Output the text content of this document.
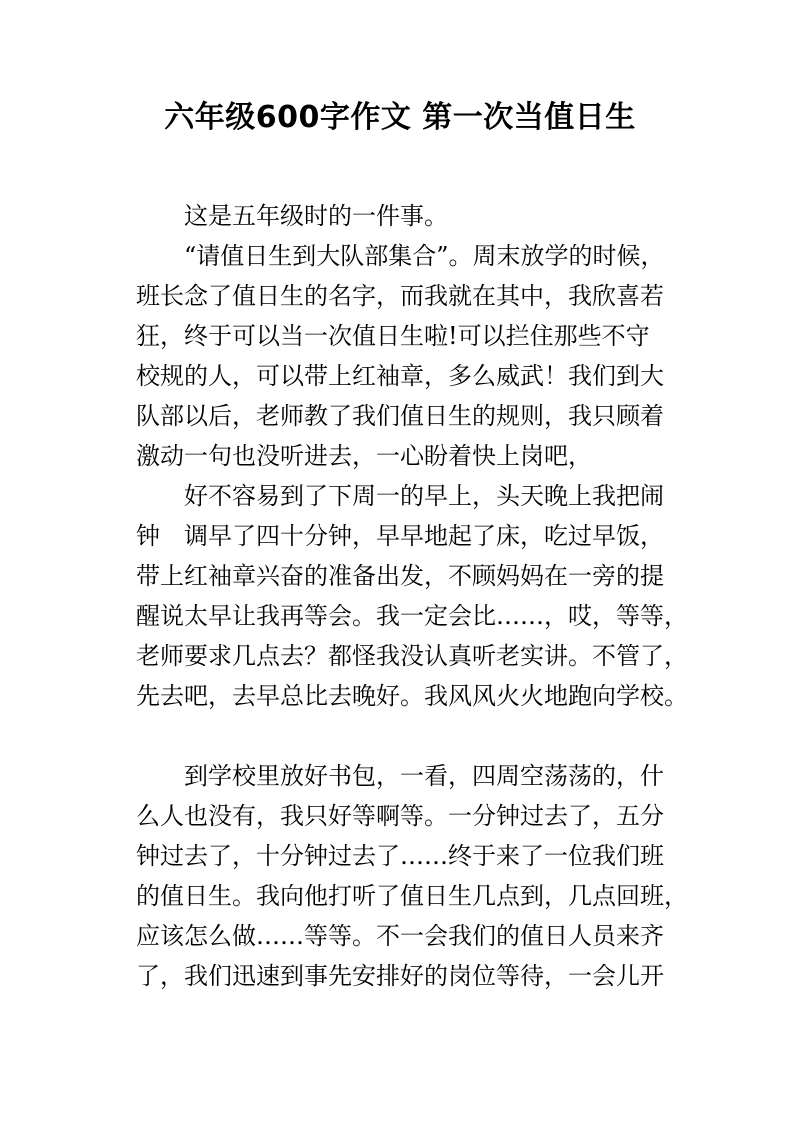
六年级600字作文 第一次当值日生
这是五年级时的一件事。
“请值日生到大队部集合”。周末放学的时候，
班长念了值日生的名字，而我就在其中，我欣喜若
狂，终于可以当一次值日生啦!可以拦住那些不守
校规的人，可以带上红袖章，多么威武！我们到大
队部以后，老师教了我们值日生的规则，我只顾着
激动一句也没听进去，一心盼着快上岗吧，
好不容易到了下周一的早上，头天晚上我把闹
钟 调早了四十分钟，早早地起了床，吃过早饭，
带上红袖章兴奋的准备出发，不顾妈妈在一旁的提
醒说太早让我再等会。我一定会比……，哎，等等，
老师要求几点去？都怪我没认真听老实讲。不管了，
先去吧，去早总比去晚好。我风风火火地跑向学校。
到学校里放好书包，一看，四周空荡荡的，什
么人也没有，我只好等啊等。一分钟过去了，五分
钟过去了，十分钟过去了……终于来了一位我们班
的值日生。我向他打听了值日生几点到，几点回班，
应该怎么做……等等。不一会我们的值日人员来齐
了，我们迅速到事先安排好的岗位等待，一会儿开
